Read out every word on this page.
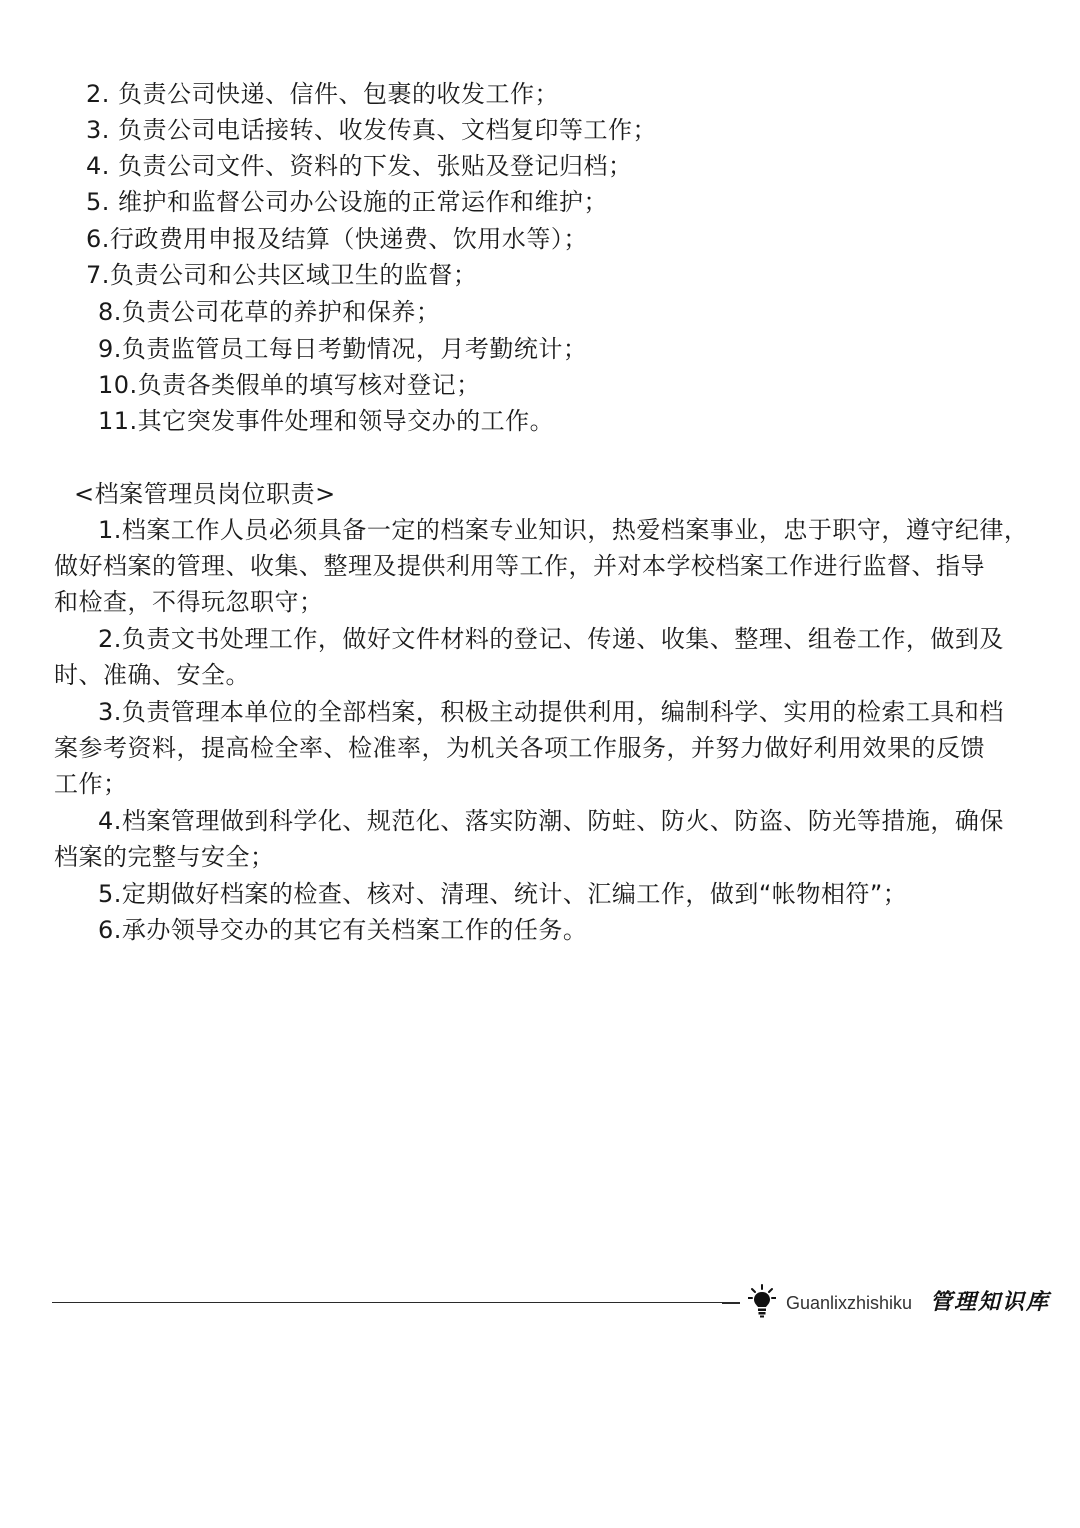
2. 负责公司快递、信件、包裹的收发工作；
3. 负责公司电话接转、收发传真、文档复印等工作；
4. 负责公司文件、资料的下发、张贴及登记归档；
5. 维护和监督公司办公设施的正常运作和维护；
6.行政费用申报及结算（快递费、饮用水等）；
7.负责公司和公共区域卫生的监督；
8.负责公司花草的养护和保养；
9.负责监管员工每日考勤情况，月考勤统计；
10.负责各类假单的填写核对登记；
11.其它突发事件处理和领导交办的工作。
<档案管理员岗位职责>
1.档案工作人员必须具备一定的档案专业知识，热爱档案事业，忠于职守，遵守纪律，
做好档案的管理、收集、整理及提供利用等工作，并对本学校档案工作进行监督、指导
和检查，不得玩忽职守；
2.负责文书处理工作，做好文件材料的登记、传递、收集、整理、组卷工作，做到及
时、准确、安全。
3.负责管理本单位的全部档案，积极主动提供利用，编制科学、实用的检索工具和档
案参考资料，提高检全率、检准率，为机关各项工作服务，并努力做好利用效果的反馈
工作；
4.档案管理做到科学化、规范化、落实防潮、防蛀、防火、防盗、防光等措施，确保
档案的完整与安全；
5.定期做好档案的检查、核对、清理、统计、汇编工作，做到“帐物相符”；
6.承办领导交办的其它有关档案工作的任务。
Guanlixzhishiku 管理知识库
